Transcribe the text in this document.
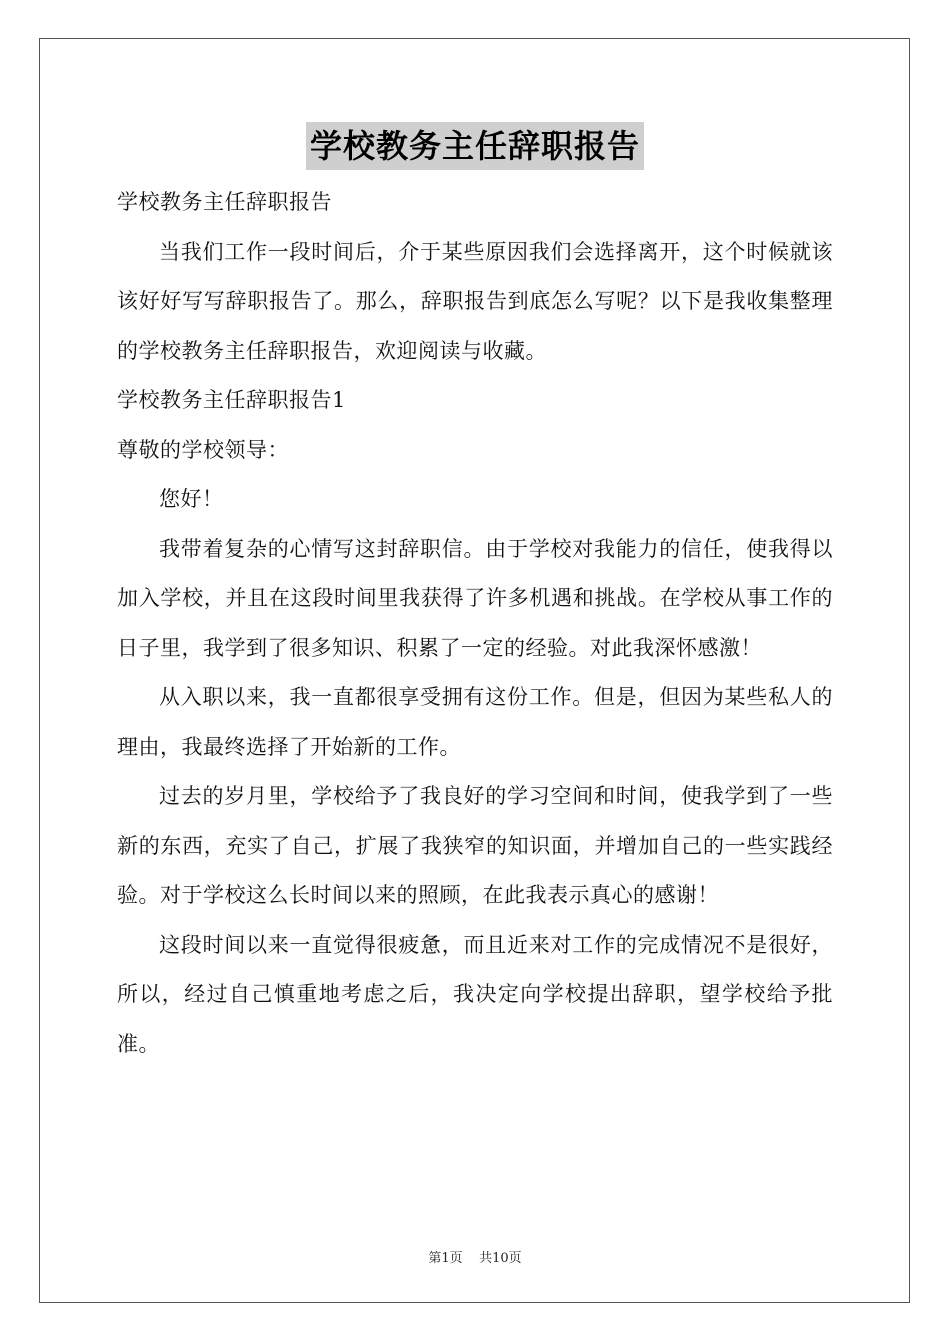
学校教务主任辞职报告

学校教务主任辞职报告

当我们工作一段时间后，介于某些原因我们会选择离开，这个时候就该该好好写写辞职报告了。那么，辞职报告到底怎么写呢？以下是我收集整理的学校教务主任辞职报告，欢迎阅读与收藏。

学校教务主任辞职报告1

尊敬的学校领导：

您好！

我带着复杂的心情写这封辞职信。由于学校对我能力的信任，使我得以加入学校，并且在这段时间里我获得了许多机遇和挑战。在学校从事工作的日子里，我学到了很多知识、积累了一定的经验。对此我深怀感激！

从入职以来，我一直都很享受拥有这份工作。但是，但因为某些私人的理由，我最终选择了开始新的工作。

过去的岁月里，学校给予了我良好的学习空间和时间，使我学到了一些新的东西，充实了自己，扩展了我狭窄的知识面，并增加自己的一些实践经验。对于学校这么长时间以来的照顾，在此我表示真心的感谢！

这段时间以来一直觉得很疲惫，而且近来对工作的完成情况不是很好，所以，经过自己慎重地考虑之后，我决定向学校提出辞职，望学校给予批准。

第1页 共10页
